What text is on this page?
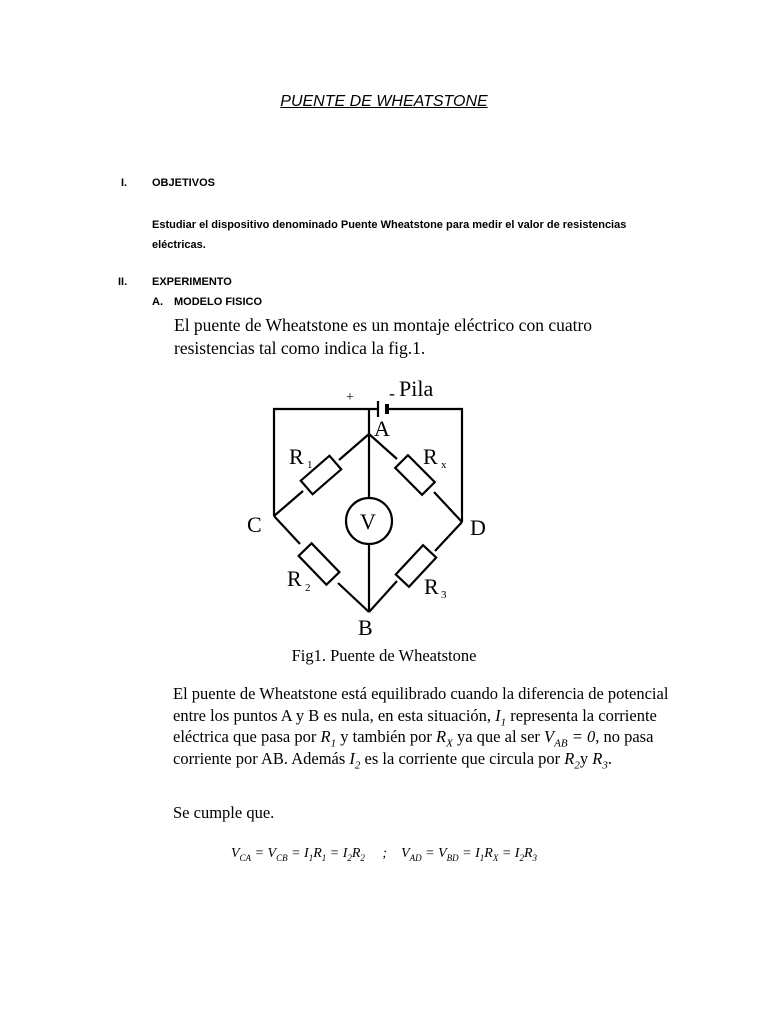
PUENTE DE WHEATSTONE
I. OBJETIVOS
Estudiar el dispositivo denominado Puente Wheatstone para medir el valor de resistencias eléctricas.
II. EXPERIMENTO
A. MODELO FISICO
El puente de Wheatstone es un montaje eléctrico con cuatro resistencias tal como indica la fig.1.
+ - Pila
A
B
C	D
R 1	R x
R 2	R 3
V
Fig1. Puente de Wheatstone
El puente de Wheatstone está equilibrado cuando la diferencia de potencial entre los puntos A y B es nula, en esta situación, $I_1$ representa la corriente eléctrica que pasa por $R_1$ y también por $R_X$ ya que al ser $V_{AB} = 0$, no pasa corriente por AB. Además $I_2$ es la corriente que circula por $R_2y$ $R_3$.
Se cumple que.
$V_{CA} = V_{CB} = I_1R_1 = I_2R_2$     ;    $V_{AD} = V_{BD} = I_1R_X = I_2R_3$
